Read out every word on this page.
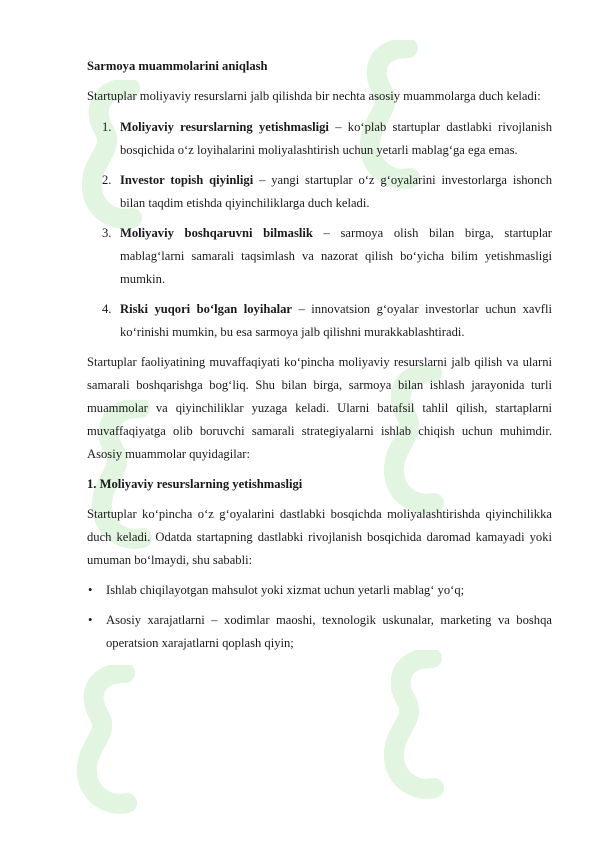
Sarmoya muammolarini aniqlash

Startuplar moliyaviy resurslarni jalb qilishda bir nechta asosiy muammolarga duch keladi:

1. Moliyaviy resurslarning yetishmasligi – ko‘plab startuplar dastlabki rivojlanish bosqichida o‘z loyihalarini moliyalashtirish uchun yetarli mablag‘ga ega emas.
2. Investor topish qiyinligi – yangi startuplar o‘z g‘oyalarini investorlarga ishonch bilan taqdim etishda qiyinchiliklarga duch keladi.
3. Moliyaviy boshqaruvni bilmaslik – sarmoya olish bilan birga, startuplar mablag‘larni samarali taqsimlash va nazorat qilish bo‘yicha bilim yetishmasligi mumkin.
4. Riski yuqori bo‘lgan loyihalar – innovatsion g‘oyalar investorlar uchun xavfli ko‘rinishi mumkin, bu esa sarmoya jalb qilishni murakkablashtiradi.

Startuplar faoliyatining muvaffaqiyati ko‘pincha moliyaviy resurslarni jalb qilish va ularni samarali boshqarishga bog‘liq. Shu bilan birga, sarmoya bilan ishlash jarayonida turli muammolar va qiyinchiliklar yuzaga keladi. Ularni batafsil tahlil qilish, startaplarni muvaffaqiyatga olib boruvchi samarali strategiyalarni ishlab chiqish uchun muhimdir. Asosiy muammolar quyidagilar:

1. Moliyaviy resurslarning yetishmasligi

Startuplar ko‘pincha o‘z g‘oyalarini dastlabki bosqichda moliyalashtirishda qiyinchilikka duch keladi. Odatda startapning dastlabki rivojlanish bosqichida daromad kamayadi yoki umuman bo‘lmaydi, shu sababli:

• Ishlab chiqilayotgan mahsulot yoki xizmat uchun yetarli mablag‘ yo‘q;
• Asosiy xarajatlarni – xodimlar maoshi, texnologik uskunalar, marketing va boshqa operatsion xarajatlarni qoplash qiyin;
